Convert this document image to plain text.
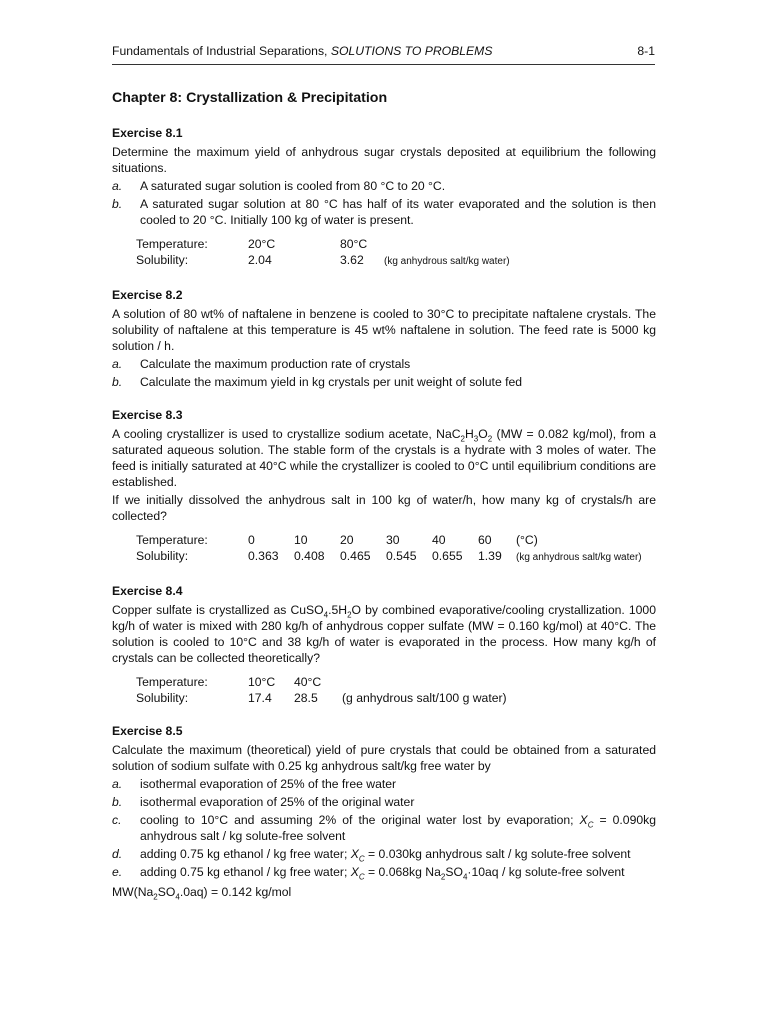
Fundamentals of Industrial Separations, SOLUTIONS TO PROBLEMS	8-1
Chapter 8: Crystallization & Precipitation
Exercise 8.1

Determine the maximum yield of anhydrous sugar crystals deposited at equilibrium the following situations.

a. A saturated sugar solution is cooled from 80 °C to 20 °C.
b. A saturated sugar solution at 80 °C has half of its water evaporated and the solution is then cooled to 20 °C. Initially 100 kg of water is present.
Temperature:	20°C	80°C	
Solubility:	2.04	3.62	(kg anhydrous salt/kg water)
Exercise 8.2

A solution of 80 wt% of naftalene in benzene is cooled to 30°C to precipitate naftalene crystals. The solubility of naftalene at this temperature is 45 wt% naftalene in solution. The feed rate is 5000 kg solution / h.

a. Calculate the maximum production rate of crystals
b. Calculate the maximum yield in kg crystals per unit weight of solute fed
Exercise 8.3

A cooling crystallizer is used to crystallize sodium acetate, $NaC_2H_3O_2$ (MW = 0.082 kg/mol), from a saturated aqueous solution. The stable form of the crystals is a hydrate with 3 moles of water. The feed is initially saturated at 40°C while the crystallizer is cooled to 0°C until equilibrium conditions are established.

If we initially dissolved the anhydrous salt in 100 kg of water/h, how many kg of crystals/h are collected?

Temperature:	0	10	20	30	40	60	(°C)
Solubility:	0.363	0.408	0.465	0.545	0.655	1.39	(kg anhydrous salt/kg water)
Exercise 8.4

Copper sulfate is crystallized as $CuSO_4.5H_2O$ by combined evaporative/cooling crystallization. 1000 kg/h of water is mixed with 280 kg/h of anhydrous copper sulfate (MW = 0.160 kg/mol) at 40°C. The solution is cooled to 10°C and 38 kg/h of water is evaporated in the process. How many kg/h of crystals can be collected theoretically?

Temperature:	10°C	40°C	
Solubility:	17.4	28.5	(g anhydrous salt/100 g water)
Exercise 8.5

Calculate the maximum (theoretical) yield of pure crystals that could be obtained from a saturated solution of sodium sulfate with 0.25 kg anhydrous salt/kg free water by

a. isothermal evaporation of 25% of the free water
b. isothermal evaporation of 25% of the original water
c. cooling to 10°C and assuming 2% of the original water lost by evaporation; $X_C = 0.090kg$ anhydrous salt / kg solute-free solvent
d. adding 0.75 kg ethanol / kg free water; $X_C = 0.030kg$ anhydrous salt / kg solute-free solvent
e. adding 0.75 kg ethanol / kg free water; $X_C = 0.068kg$ $Na_2SO_4\cdot 10aq$ / kg solute-free solvent

$MW(Na_2SO_4.0aq) = 0.142$ kg/mol
